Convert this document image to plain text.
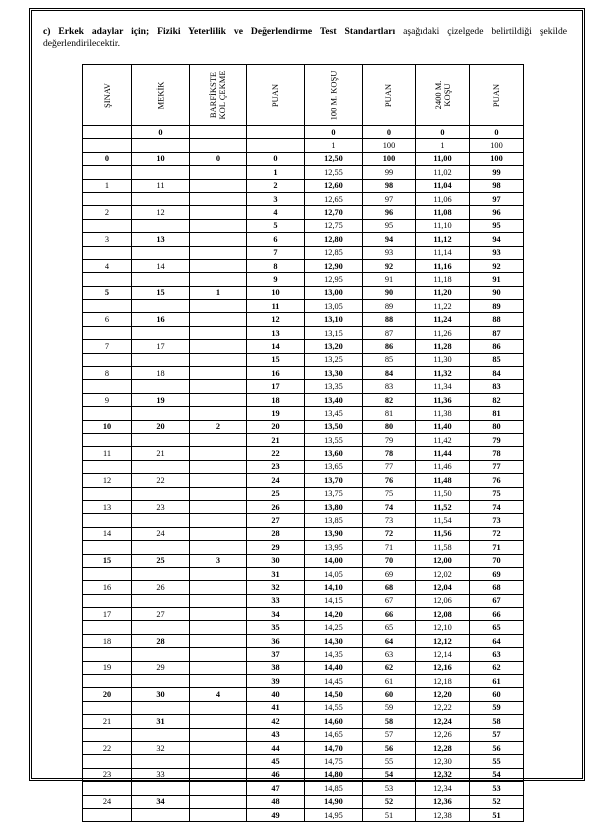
c) Erkek adaylar için; Fiziki Yeterlilik ve Değerlendirme Test Standartları aşağıdaki çizelgede belirtildiği şekilde değerlendirilecektir.
ŞINAV	MEKİK	BARFİKSTE KOL ÇEKME	PUAN	100 M. KOŞU	PUAN	2400 M. KOŞU	PUAN
	0			0	0	0	0
				1	100	1	100
0	10	0	0	12,50	100	11,00	100
			1	12,55	99	11,02	99
1	11		2	12,60	98	11,04	98
			3	12,65	97	11,06	97
2	12		4	12,70	96	11,08	96
			5	12,75	95	11,10	95
3	13		6	12,80	94	11,12	94
			7	12,85	93	11,14	93
4	14		8	12,90	92	11,16	92
			9	12,95	91	11,18	91
5	15	1	10	13,00	90	11,20	90
			11	13,05	89	11,22	89
6	16		12	13,10	88	11,24	88
			13	13,15	87	11,26	87
7	17		14	13,20	86	11,28	86
			15	13,25	85	11,30	85
8	18		16	13,30	84	11,32	84
			17	13,35	83	11,34	83
9	19		18	13,40	82	11,36	82
			19	13,45	81	11,38	81
10	20	2	20	13,50	80	11,40	80
			21	13,55	79	11,42	79
11	21		22	13,60	78	11,44	78
			23	13,65	77	11,46	77
12	22		24	13,70	76	11,48	76
			25	13,75	75	11,50	75
13	23		26	13,80	74	11,52	74
			27	13,85	73	11,54	73
14	24		28	13,90	72	11,56	72
			29	13,95	71	11,58	71
15	25	3	30	14,00	70	12,00	70
			31	14,05	69	12,02	69
16	26		32	14,10	68	12,04	68
			33	14,15	67	12,06	67
17	27		34	14,20	66	12,08	66
			35	14,25	65	12,10	65
18	28		36	14,30	64	12,12	64
			37	14,35	63	12,14	63
19	29		38	14,40	62	12,16	62
			39	14,45	61	12,18	61
20	30	4	40	14,50	60	12,20	60
			41	14,55	59	12,22	59
21	31		42	14,60	58	12,24	58
			43	14,65	57	12,26	57
22	32		44	14,70	56	12,28	56
			45	14,75	55	12,30	55
23	33		46	14,80	54	12,32	54
			47	14,85	53	12,34	53
24	34		48	14,90	52	12,36	52
			49	14,95	51	12,38	51
